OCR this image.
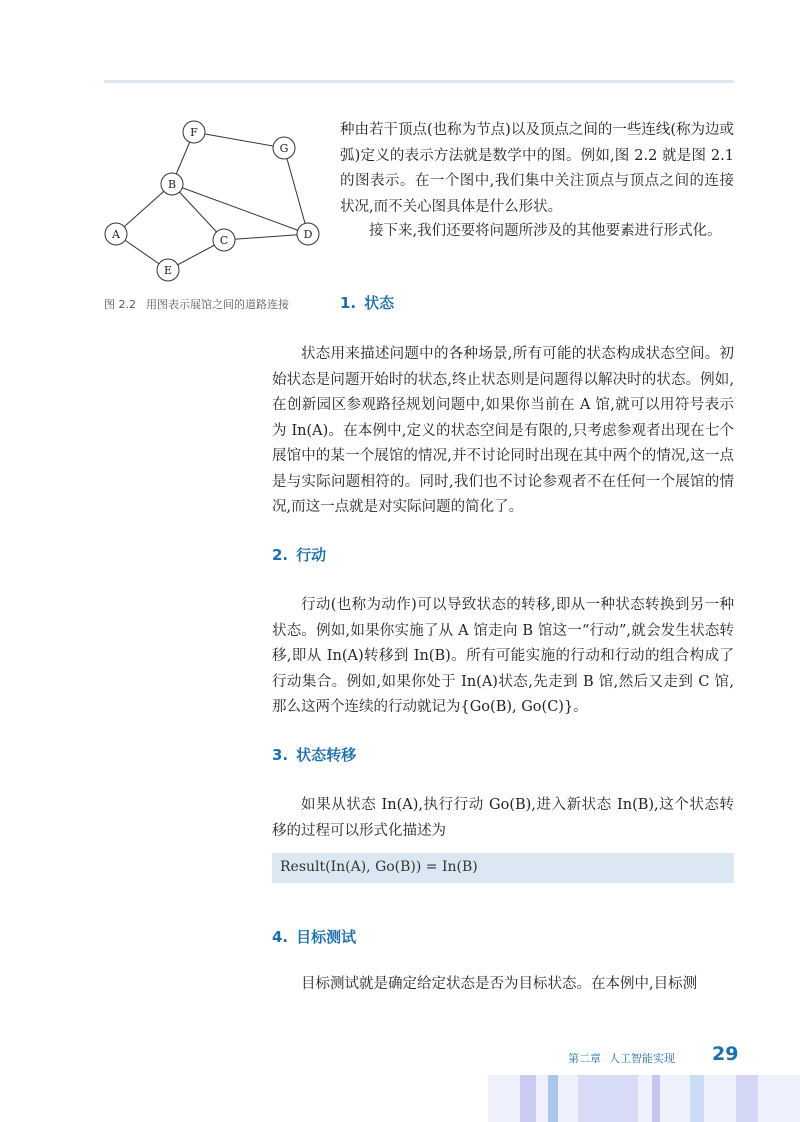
F
G
B
A	C	D
E
图 2.2 用图表示展馆之间的道路连接

种由若干顶点(也称为节点)以及顶点之间的一些连线(称为边或弧)定义的表示方法就是数学中的图。例如,图 2.2 就是图 2.1 的图表示。在一个图中,我们集中关注顶点与顶点之间的连接状况,而不关心图具体是什么形状。

接下来,我们还要将问题所涉及的其他要素进行形式化。

1. 状态

状态用来描述问题中的各种场景,所有可能的状态构成状态空间。初始状态是问题开始时的状态,终止状态则是问题得以解决时的状态。例如,在创新园区参观路径规划问题中,如果你当前在 A 馆,就可以用符号表示为 In(A)。在本例中,定义的状态空间是有限的,只考虑参观者出现在七个展馆中的某一个展馆的情况,并不讨论同时出现在其中两个的情况,这一点是与实际问题相符的。同时,我们也不讨论参观者不在任何一个展馆的情况,而这一点就是对实际问题的简化了。

2. 行动

行动(也称为动作)可以导致状态的转移,即从一种状态转换到另一种状态。例如,如果你实施了从 A 馆走向 B 馆这一“行动”,就会发生状态转移,即从 In(A)转移到 In(B)。所有可能实施的行动和行动的组合构成了行动集合。例如,如果你处于 In(A)状态,先走到 B 馆,然后又走到 C 馆,那么这两个连续的行动就记为{Go(B), Go(C)}。

3. 状态转移

如果从状态 In(A),执行行动 Go(B),进入新状态 In(B),这个状态转移的过程可以形式化描述为

Result(In(A), Go(B)) = In(B)
4. 目标测试

目标测试就是确定给定状态是否为目标状态。在本例中,目标测

第二章 人工智能实现 29
